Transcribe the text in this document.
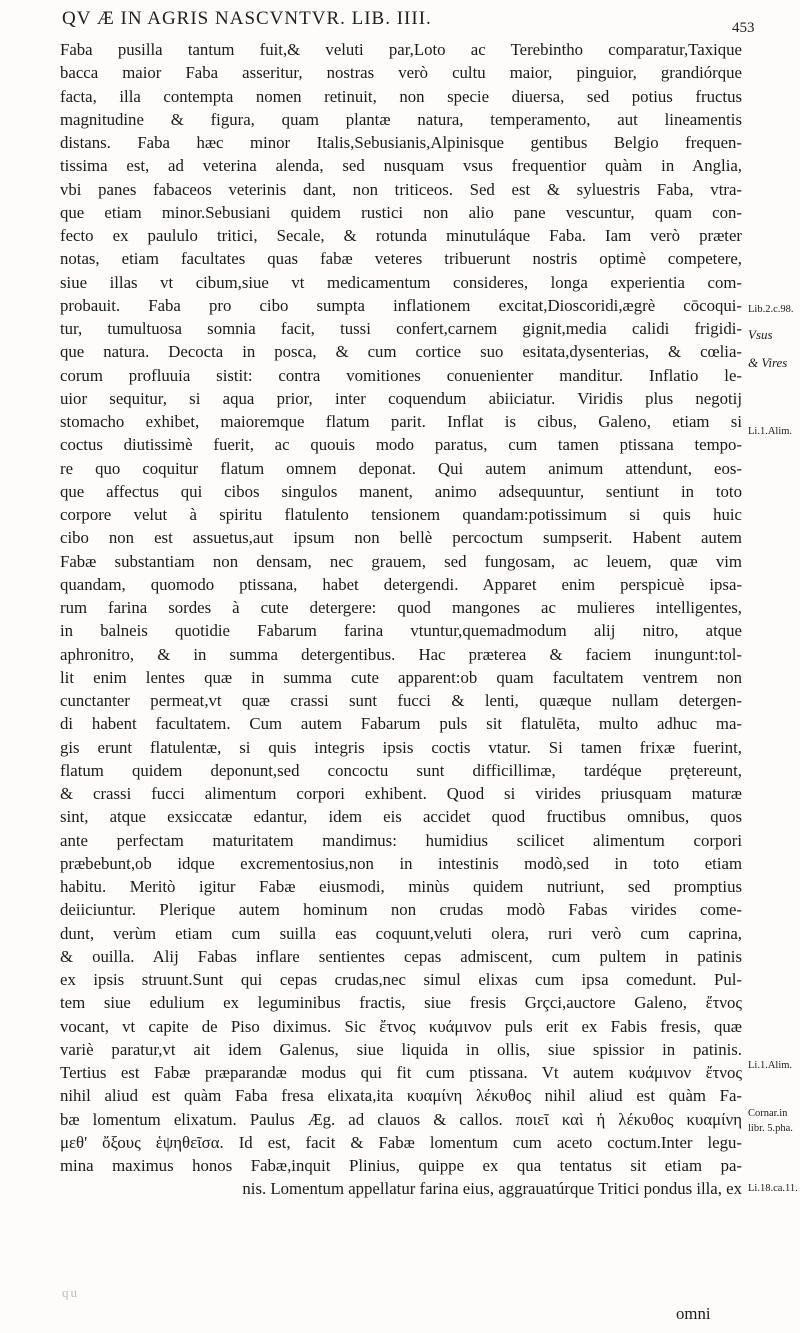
QV Æ IN AGRIS NASCVNTVR. LIB. IIII.	453
Faba pusilla tantum fuit,& veluti par,Loto ac Terebintho comparatur,Taxique
bacca maior Faba asseritur, nostras verò cultu maior, pinguior, grandiórque
facta, illa contempta nomen retinuit, non specie diuersa, sed potius fructus
magnitudine & figura, quam plantæ natura, temperamento, aut lineamentis
distans. Faba hæc minor Italis,Sebusianis,Alpinisque gentibus Belgio frequen-
tissima est, ad veterina alenda, sed nusquam vsus frequentior quàm in Anglia,
vbi panes fabaceos veterinis dant, non triticeos. Sed est & syluestris Faba, vtra-
que etiam minor.Sebusiani quidem rustici non alio pane vescuntur, quam con-
fecto ex paululo tritici, Secale, & rotunda minutuláque Faba. Iam verò præter
notas, etiam facultates quas fabæ veteres tribuerunt nostris optimè competere,
siue illas vt cibum,siue vt medicamentum consideres, longa experientia com-
probauit. Faba pro cibo sumpta inflationem excitat,Dioscoridi,ægrè cōcoqui-
tur, tumultuosa somnia facit, tussi confert,carnem gignit,media calidi frigidi-
que natura. Decocta in posca, & cum cortice suo esitata,dysenterias, & cœlia-
corum profluuia sistit: contra vomitiones conuenienter manditur. Inflatio le-
uior sequitur, si aqua prior, inter coquendum abiiciatur. Viridis plus negotij
stomacho exhibet, maioremque flatum parit. Inflat is cibus, Galeno, etiam si
coctus diutissimè fuerit, ac quouis modo paratus, cum tamen ptissana tempo-
re quo coquitur flatum omnem deponat. Qui autem animum attendunt, eos-
que affectus qui cibos singulos manent, animo adsequuntur, sentiunt in toto
corpore velut à spiritu flatulento tensionem quandam:potissimum si quis huic
cibo non est assuetus,aut ipsum non bellè percoctum sumpserit. Habent autem
Fabæ substantiam non densam, nec grauem, sed fungosam, ac leuem, quæ vim
quandam, quomodo ptissana, habet detergendi. Apparet enim perspicuè ipsa-
rum farina sordes à cute detergere: quod mangones ac mulieres intelligentes,
in balneis quotidie Fabarum farina vtuntur,quemadmodum alij nitro, atque
aphronitro, & in summa detergentibus. Hac præterea & faciem inungunt:tol-
lit enim lentes quæ in summa cute apparent:ob quam facultatem ventrem non
cunctanter permeat,vt quæ crassi sunt fucci & lenti, quæque nullam detergen-
di habent facultatem. Cum autem Fabarum puls sit flatulēta, multo adhuc ma-
gis erunt flatulentæ, si quis integris ipsis coctis vtatur. Si tamen frixæ fuerint,
flatum quidem deponunt,sed concoctu sunt difficillimæ, tardéque prętereunt,
& crassi fucci alimentum corpori exhibent. Quod si virides priusquam maturæ
sint, atque exsiccatæ edantur, idem eis accidet quod fructibus omnibus, quos
ante perfectam maturitatem mandimus: humidius scilicet alimentum corpori
præbebunt,ob idque excrementosius,non in intestinis modò,sed in toto etiam
habitu. Meritò igitur Fabæ eiusmodi, minùs quidem nutriunt, sed promptius
deiiciuntur. Plerique autem hominum non crudas modò Fabas virides come-
dunt, verùm etiam cum suilla eas coquunt,veluti olera, ruri verò cum caprina,
& ouilla. Alij Fabas inflare sentientes cepas admiscent, cum pultem in patinis
ex ipsis struunt.Sunt qui cepas crudas,nec simul elixas cum ipsa comedunt. Pul-
tem siue edulium ex leguminibus fractis, siue fresis Grçci,auctore Galeno, ἔτνος
vocant, vt capite de Piso diximus. Sic ἔτνος κυάμινον puls erit ex Fabis fresis, quæ
variè paratur,vt ait idem Galenus, siue liquida in ollis, siue spissior in patinis.
Tertius est Fabæ præparandæ modus qui fit cum ptissana. Vt autem κυάμινον ἔτνος
nihil aliud est quàm Faba fresa elixata,ita κυαμίνη λέκυθος nihil aliud est quàm Fa-
bæ lomentum elixatum. Paulus Æg. ad clauos & callos. ποιεῖ καὶ ἡ λέκυθος κυαμίνη
μεθ' ὄξους ἑψηθεῖσα. Id est, facit & Fabæ lomentum cum aceto coctum.Inter legu-
mina maximus honos Fabæ,inquit Plinius, quippe ex qua tentatus sit etiam pa-
nis. Lomentum appellatur farina eius, aggrauatúrque Tritici pondus illa, ex
qu
omni
Lib.2.c.98.
Vsus
& Vires
Li.1.Alim.
Li.1.Alim.
Cornar.in
libr. 5.pha.
Li.18.ca.11.
